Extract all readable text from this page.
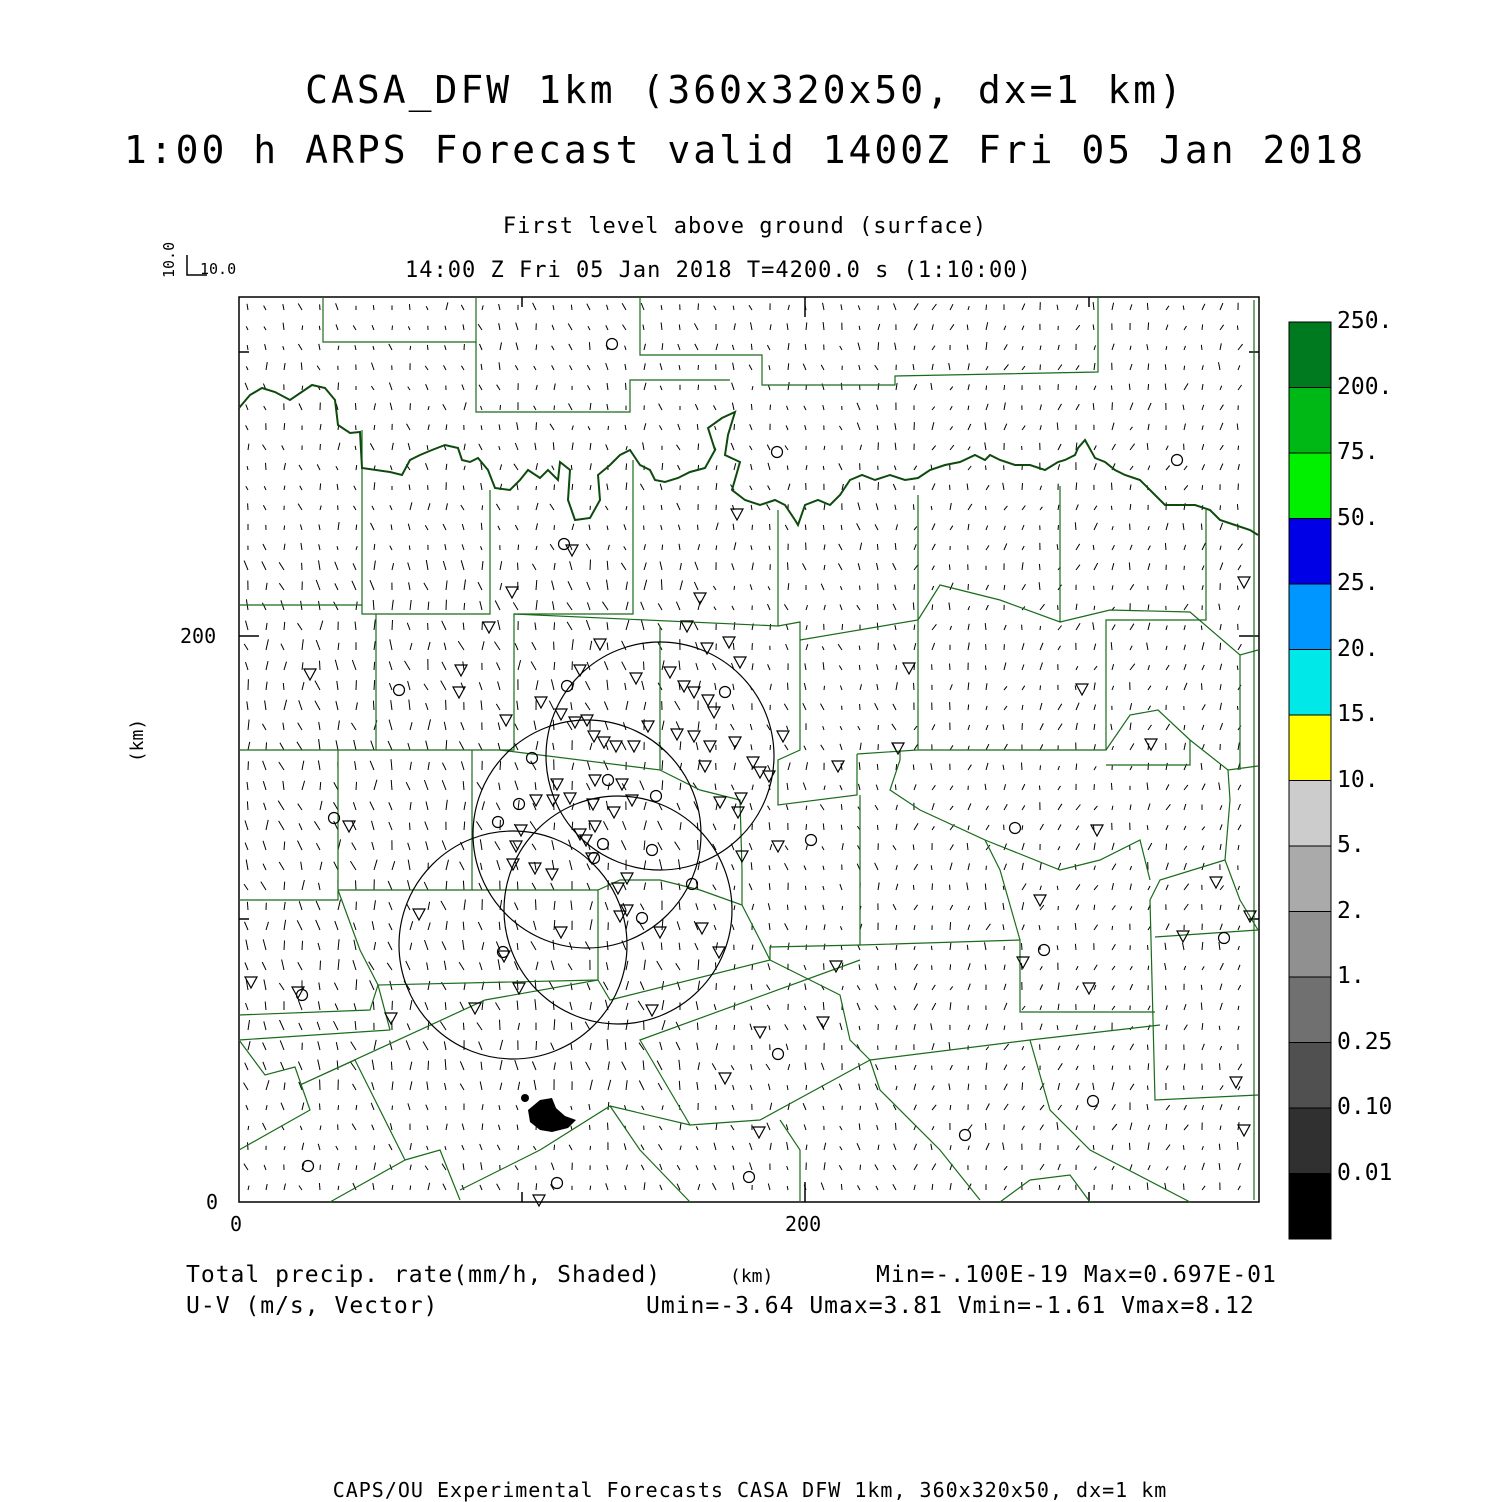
CASA_DFW 1km (360x320x50, dx=1 km)
1:00 h ARPS Forecast valid 1400Z Fri 05 Jan 2018
First level above ground (surface)
14:00 Z Fri 05 Jan 2018 T=4200.0 s (1:10:00)
10.0 10.0
(km)
200
0
0	200
Total precip. rate(mm/h, Shaded)
U-V (m/s, Vector)
(km)	Min=-.100E-19 Max=0.697E-01
Umin=-3.64 Umax=3.81 Vmin=-1.61 Vmax=8.12
CAPS/OU Experimental Forecasts CASA DFW 1km, 360x320x50, dx=1 km
250.
200.
75.
50.
25.
20.
15.
10.
5.
2.
1.
0.25
0.10
0.01
